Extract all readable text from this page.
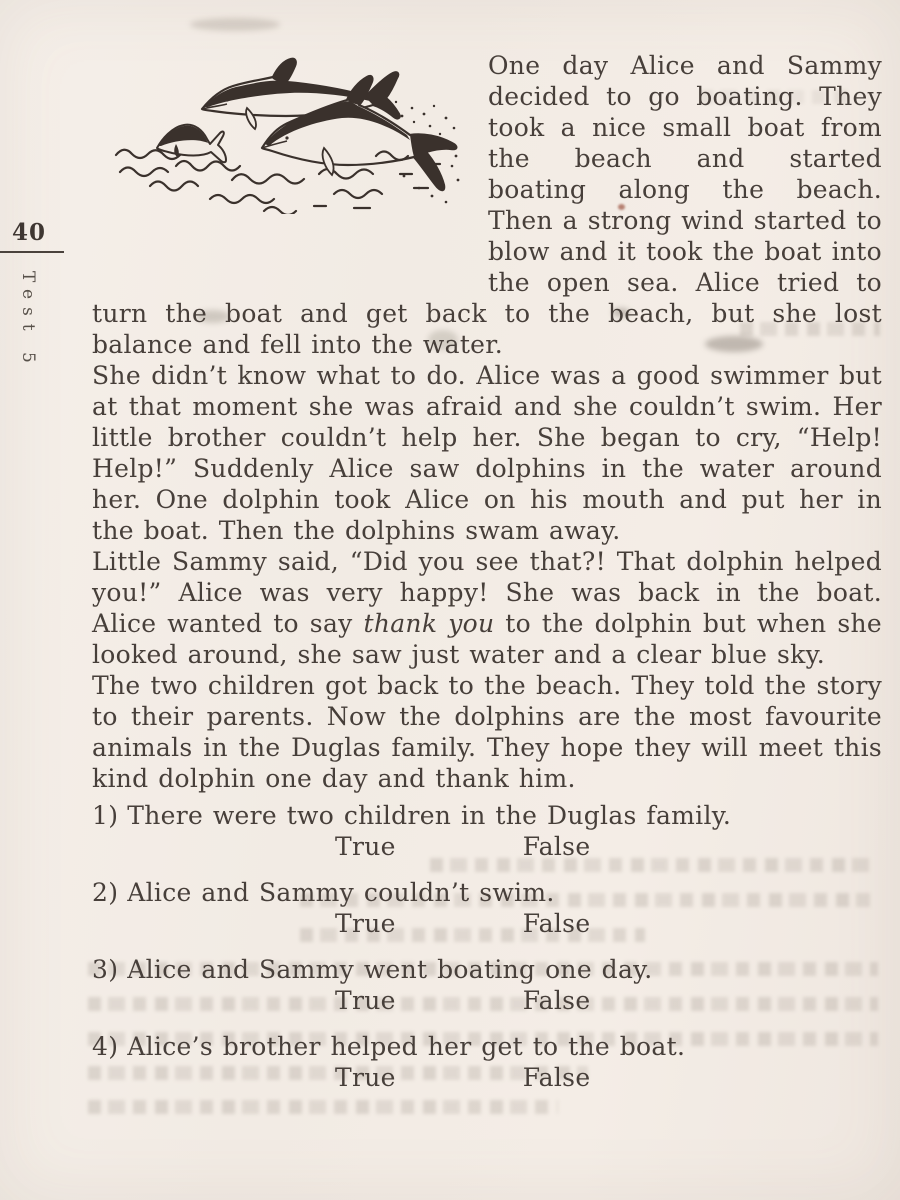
40
Test 5

One day Alice and Sammy decided to go boating. They took a nice small boat from the beach and started boating along the beach. Then a strong wind started to blow and it took the boat into the open sea. Alice tried to turn the boat and get back to the beach, but she lost balance and fell into the water.

She didn’t know what to do. Alice was a good swimmer but at that moment she was afraid and she couldn’t swim. Her little brother couldn’t help her. She began to cry, “Help! Help!” Suddenly Alice saw dolphins in the water around her. One dolphin took Alice on his mouth and put her in the boat. Then the dolphins swam away.

Little Sammy said, “Did you see that?! That dolphin helped you!” Alice was very happy! She was back in the boat. Alice wanted to say thank you to the dolphin but when she looked around, she saw just water and a clear blue sky.

The two children got back to the beach. They told the story to their parents. Now the dolphins are the most favourite animals in the Duglas family. They hope they will meet this kind dolphin one day and thank him.

1) There were two children in the Duglas family.

True	False

2) Alice and Sammy couldn’t swim.

True	False

3) Alice and Sammy went boating one day.

True	False

4) Alice’s brother helped her get to the boat.

True	False
